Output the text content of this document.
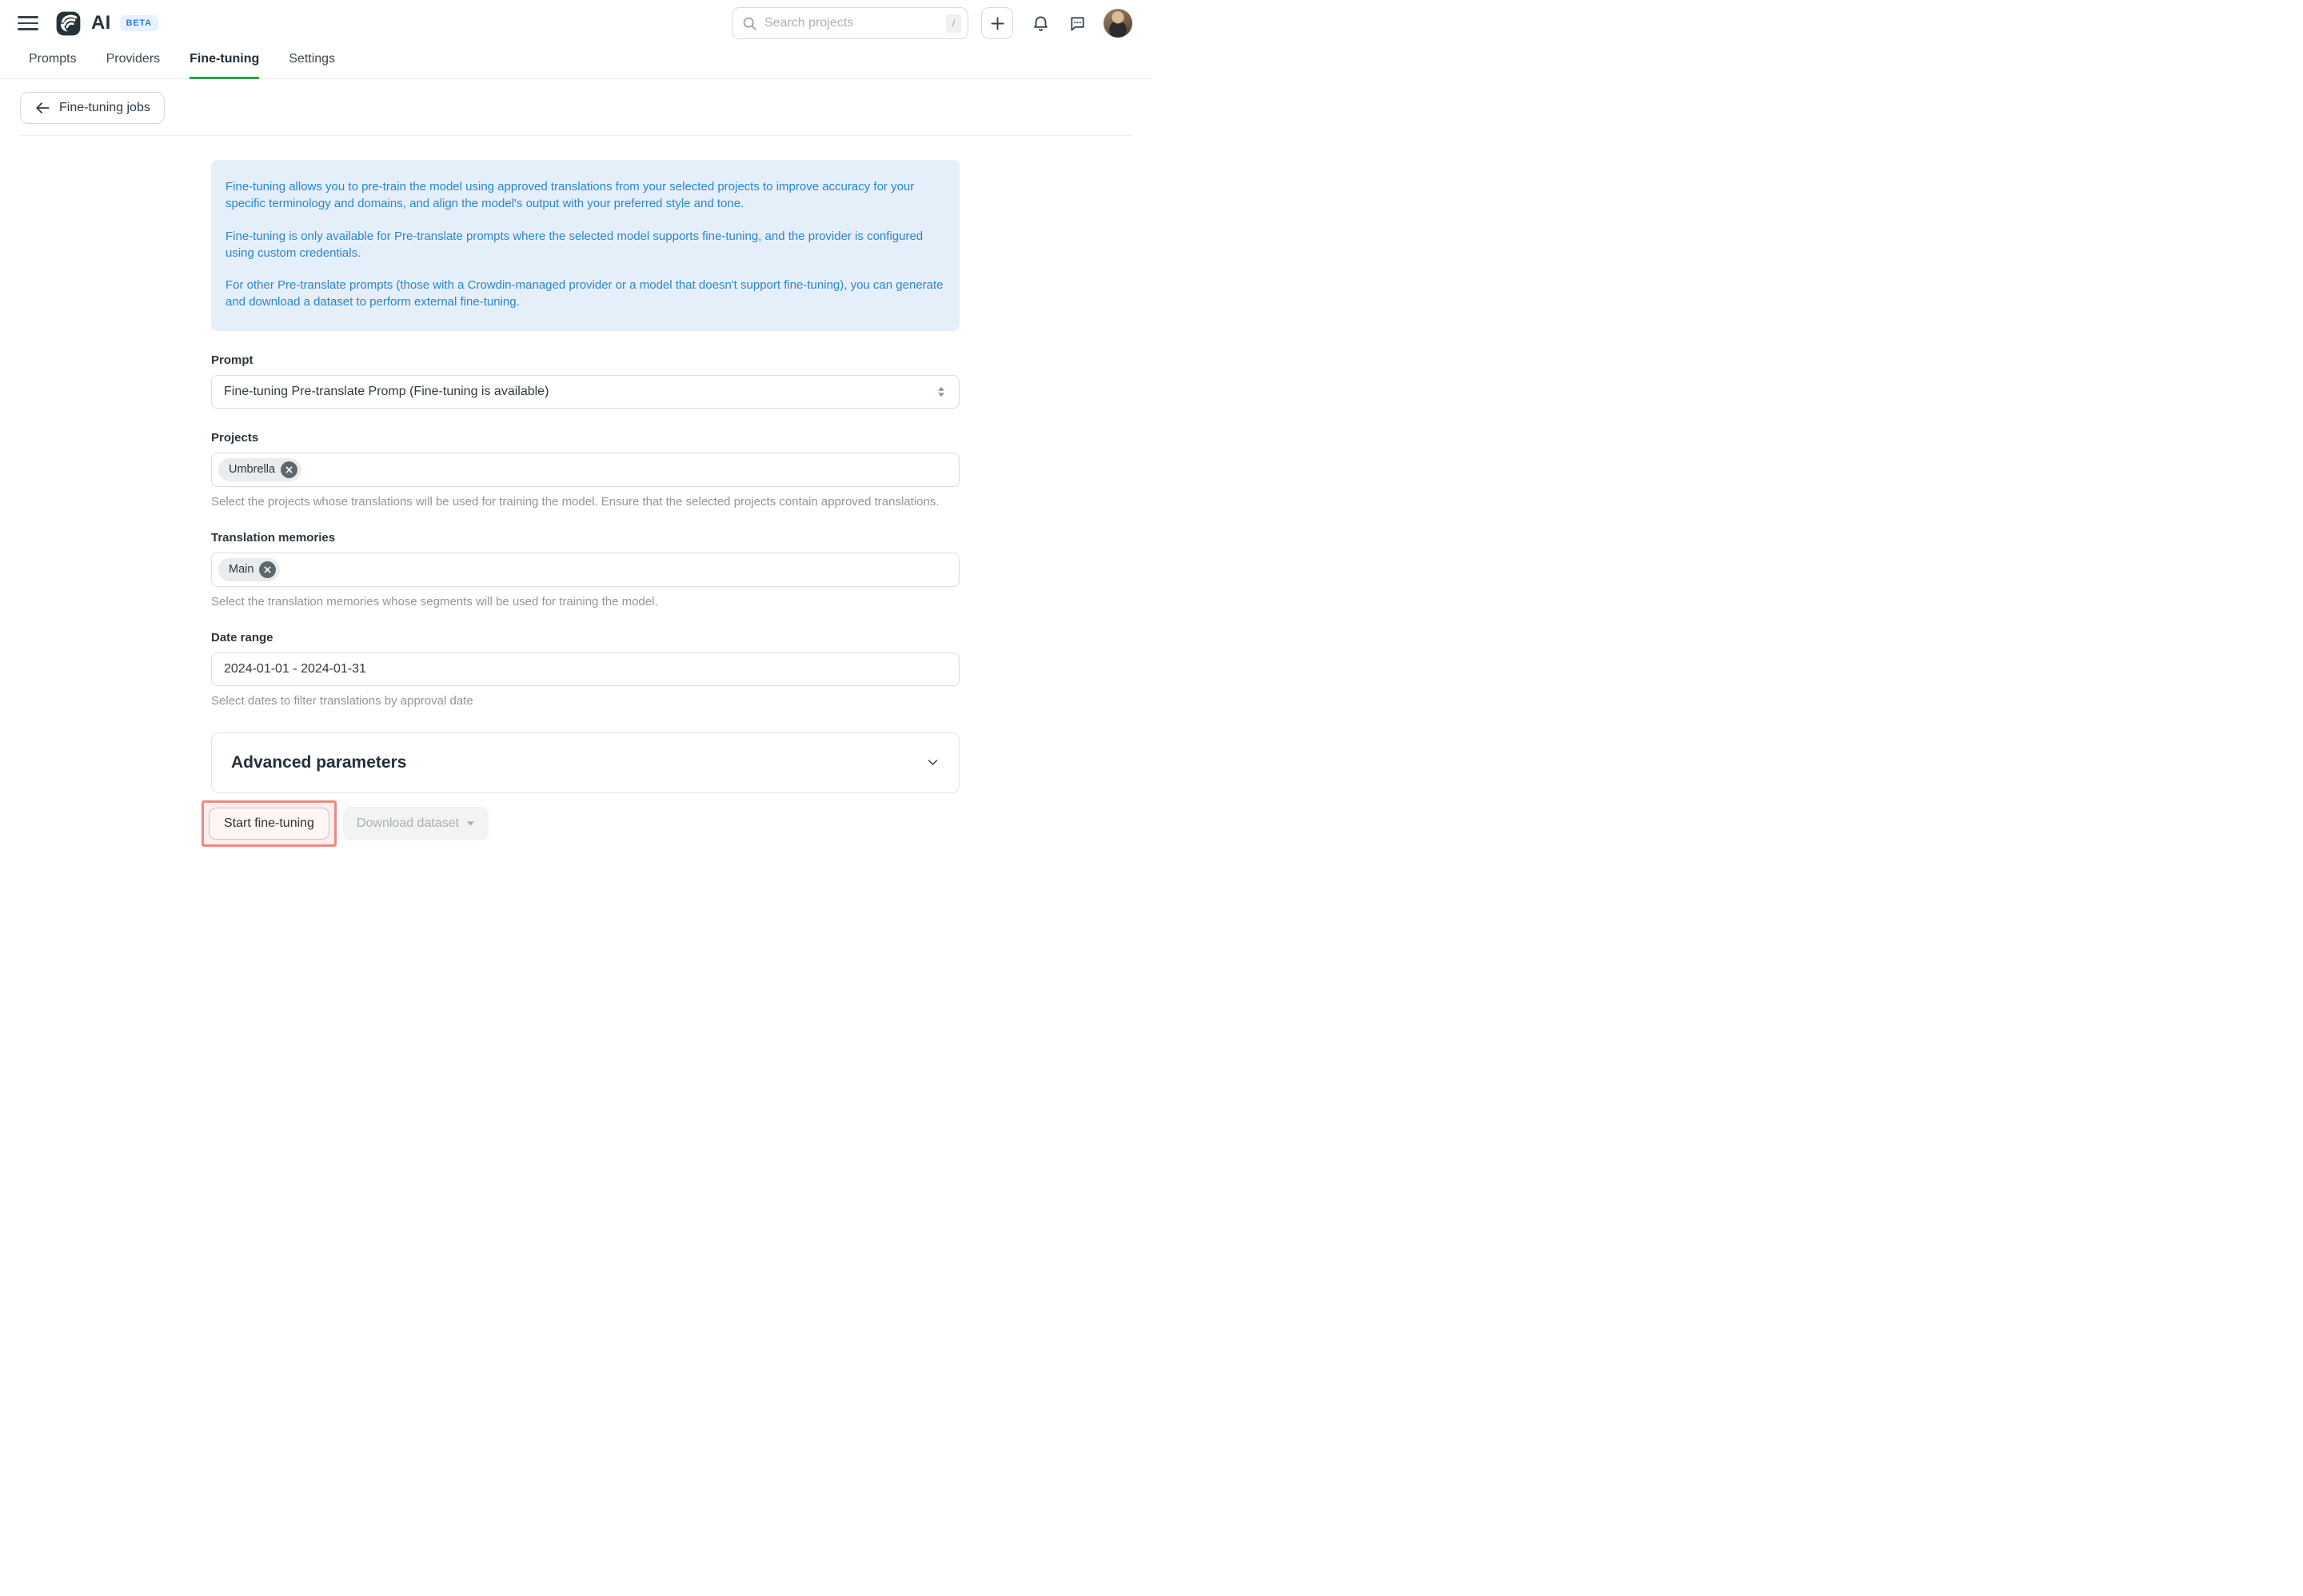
AI	BETA
Search projects	/
Prompts Providers Fine-tuning Settings
Fine-tuning jobs

Fine-tuning allows you to pre-train the model using approved translations from your selected projects to improve accuracy for your specific terminology and domains, and align the model's output with your preferred style and tone.

Fine-tuning is only available for Pre-translate prompts where the selected model supports fine-tuning, and the provider is configured using custom credentials.

For other Pre-translate prompts (those with a Crowdin-managed provider or a model that doesn't support fine-tuning), you can generate and download a dataset to perform external fine-tuning.

Prompt
Fine-tuning Pre-translate Promp (Fine-tuning is available)
Projects
Umbrella
Select the projects whose translations will be used for training the model. Ensure that the selected projects contain approved translations.
Translation memories
Main
Select the translation memories whose segments will be used for training the model.
Date range
2024-01-01 - 2024-01-31
Select dates to filter translations by approval date
Advanced parameters
Start fine-tuning	Download dataset
